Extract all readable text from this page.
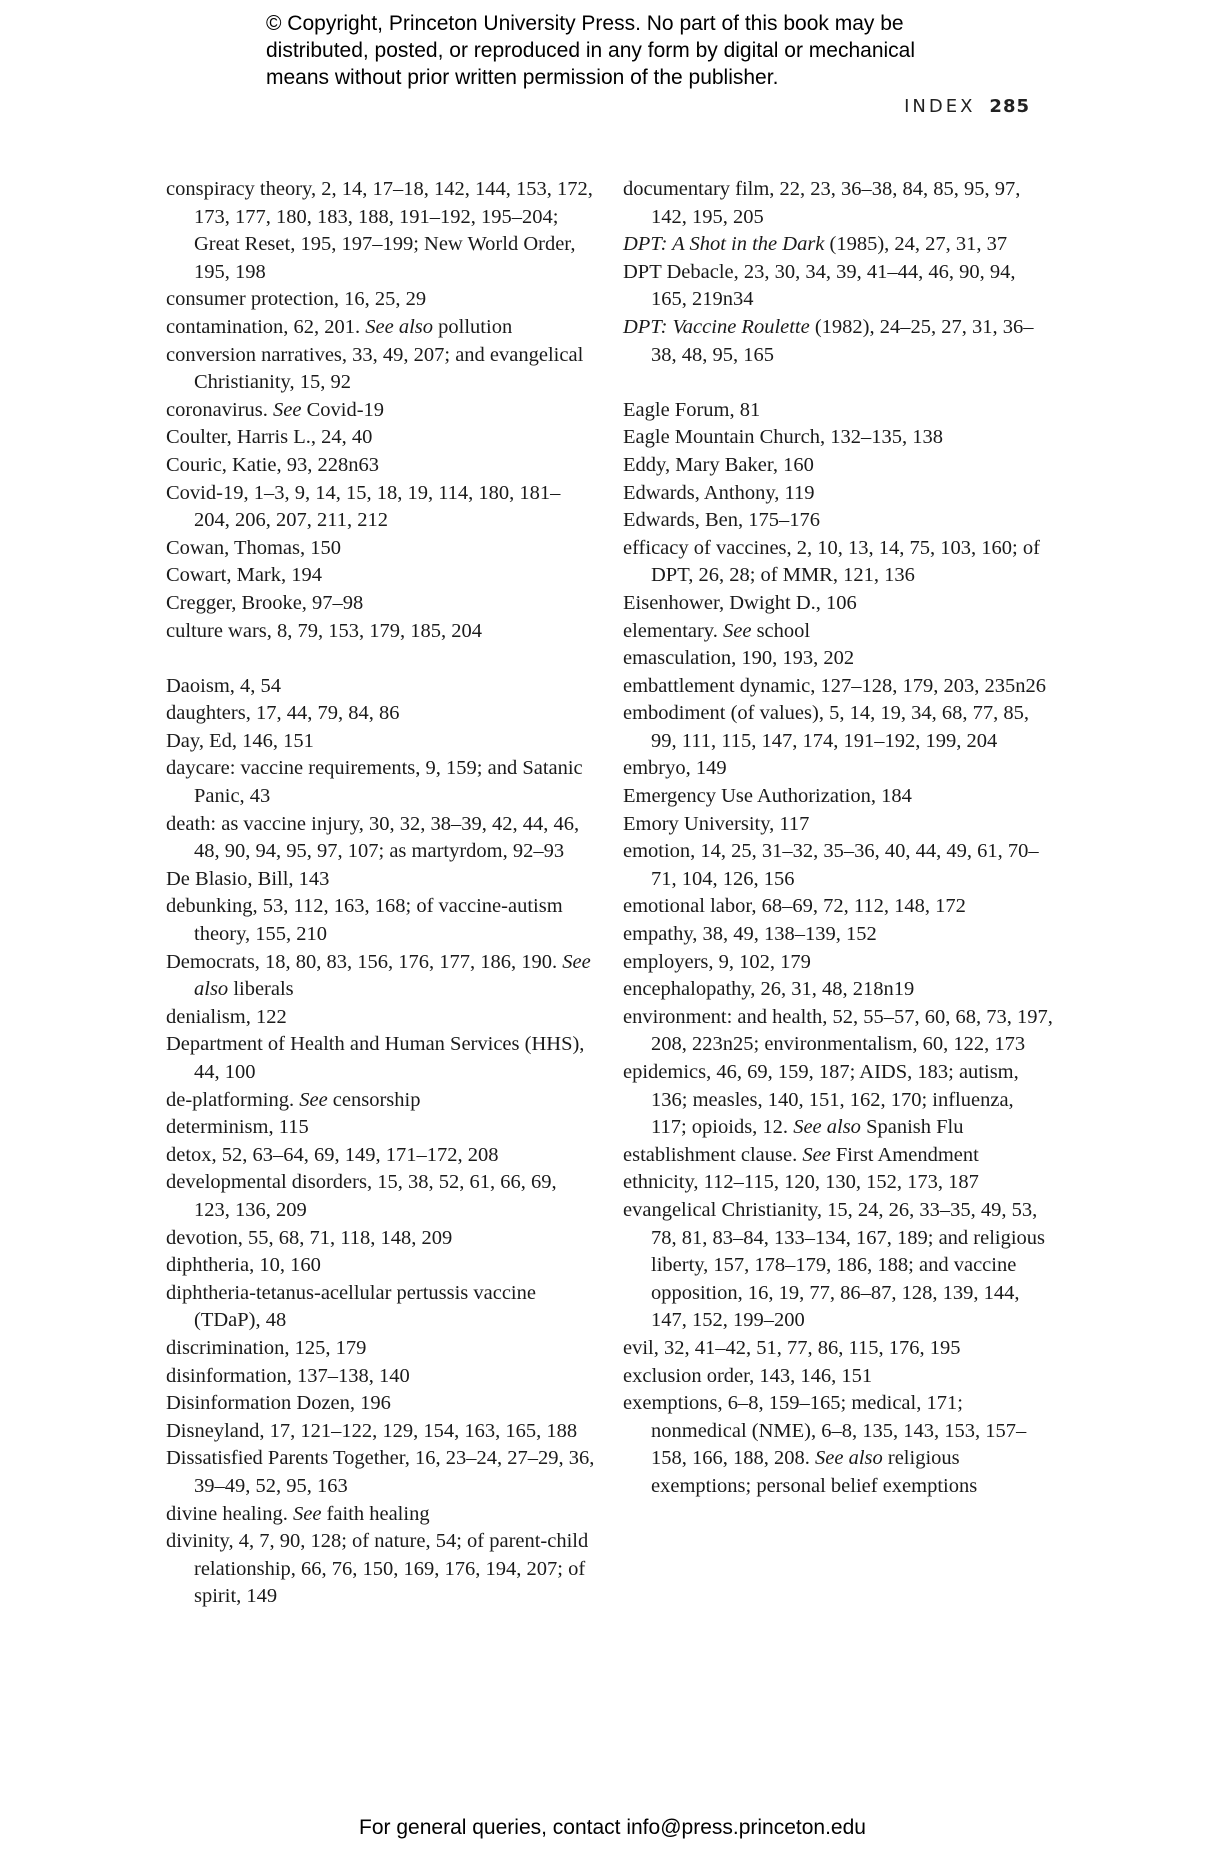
© Copyright, Princeton University Press. No part of this book may be
distributed, posted, or reproduced in any form by digital or mechanical
means without prior written permission of the publisher.
INDEX 285
conspiracy theory, 2, 14, 17–18, 142, 144, 153, 172, 173, 177, 180, 183, 188, 191–192, 195–204; Great Reset, 195, 197–199; New World Order, 195, 198
consumer protection, 16, 25, 29
contamination, 62, 201. See also pollution
conversion narratives, 33, 49, 207; and evangelical Christianity, 15, 92
coronavirus. See Covid-19
Coulter, Harris L., 24, 40
Couric, Katie, 93, 228n63
Covid-19, 1–3, 9, 14, 15, 18, 19, 114, 180, 181–204, 206, 207, 211, 212
Cowan, Thomas, 150
Cowart, Mark, 194
Cregger, Brooke, 97–98
culture wars, 8, 79, 153, 179, 185, 204
Daoism, 4, 54
daughters, 17, 44, 79, 84, 86
Day, Ed, 146, 151
daycare: vaccine requirements, 9, 159; and Satanic Panic, 43
death: as vaccine injury, 30, 32, 38–39, 42, 44, 46, 48, 90, 94, 95, 97, 107; as martyrdom, 92–93
De Blasio, Bill, 143
debunking, 53, 112, 163, 168; of vaccine-autism theory, 155, 210
Democrats, 18, 80, 83, 156, 176, 177, 186, 190. See also liberals
denialism, 122
Department of Health and Human Services (HHS), 44, 100
de-platforming. See censorship
determinism, 115
detox, 52, 63–64, 69, 149, 171–172, 208
developmental disorders, 15, 38, 52, 61, 66, 69, 123, 136, 209
devotion, 55, 68, 71, 118, 148, 209
diphtheria, 10, 160
diphtheria-tetanus-acellular pertussis vaccine (TDaP), 48
discrimination, 125, 179
disinformation, 137–138, 140
Disinformation Dozen, 196
Disneyland, 17, 121–122, 129, 154, 163, 165, 188
Dissatisfied Parents Together, 16, 23–24, 27–29, 36, 39–49, 52, 95, 163
divine healing. See faith healing
divinity, 4, 7, 90, 128; of nature, 54; of parent-child relationship, 66, 76, 150, 169, 176, 194, 207; of spirit, 149
documentary film, 22, 23, 36–38, 84, 85, 95, 97, 142, 195, 205
DPT: A Shot in the Dark (1985), 24, 27, 31, 37
DPT Debacle, 23, 30, 34, 39, 41–44, 46, 90, 94, 165, 219n34
DPT: Vaccine Roulette (1982), 24–25, 27, 31, 36–38, 48, 95, 165
Eagle Forum, 81
Eagle Mountain Church, 132–135, 138
Eddy, Mary Baker, 160
Edwards, Anthony, 119
Edwards, Ben, 175–176
efficacy of vaccines, 2, 10, 13, 14, 75, 103, 160; of DPT, 26, 28; of MMR, 121, 136
Eisenhower, Dwight D., 106
elementary. See school
emasculation, 190, 193, 202
embattlement dynamic, 127–128, 179, 203, 235n26
embodiment (of values), 5, 14, 19, 34, 68, 77, 85, 99, 111, 115, 147, 174, 191–192, 199, 204
embryo, 149
Emergency Use Authorization, 184
Emory University, 117
emotion, 14, 25, 31–32, 35–36, 40, 44, 49, 61, 70–71, 104, 126, 156
emotional labor, 68–69, 72, 112, 148, 172
empathy, 38, 49, 138–139, 152
employers, 9, 102, 179
encephalopathy, 26, 31, 48, 218n19
environment: and health, 52, 55–57, 60, 68, 73, 197, 208, 223n25; environmentalism, 60, 122, 173
epidemics, 46, 69, 159, 187; AIDS, 183; autism, 136; measles, 140, 151, 162, 170; influenza, 117; opioids, 12. See also Spanish Flu
establishment clause. See First Amendment
ethnicity, 112–115, 120, 130, 152, 173, 187
evangelical Christianity, 15, 24, 26, 33–35, 49, 53, 78, 81, 83–84, 133–134, 167, 189; and religious liberty, 157, 178–179, 186, 188; and vaccine opposition, 16, 19, 77, 86–87, 128, 139, 144, 147, 152, 199–200
evil, 32, 41–42, 51, 77, 86, 115, 176, 195
exclusion order, 143, 146, 151
exemptions, 6–8, 159–165; medical, 171; nonmedical (NME), 6–8, 135, 143, 153, 157–158, 166, 188, 208. See also religious exemptions; personal belief exemptions
For general queries, contact info@press.princeton.edu
